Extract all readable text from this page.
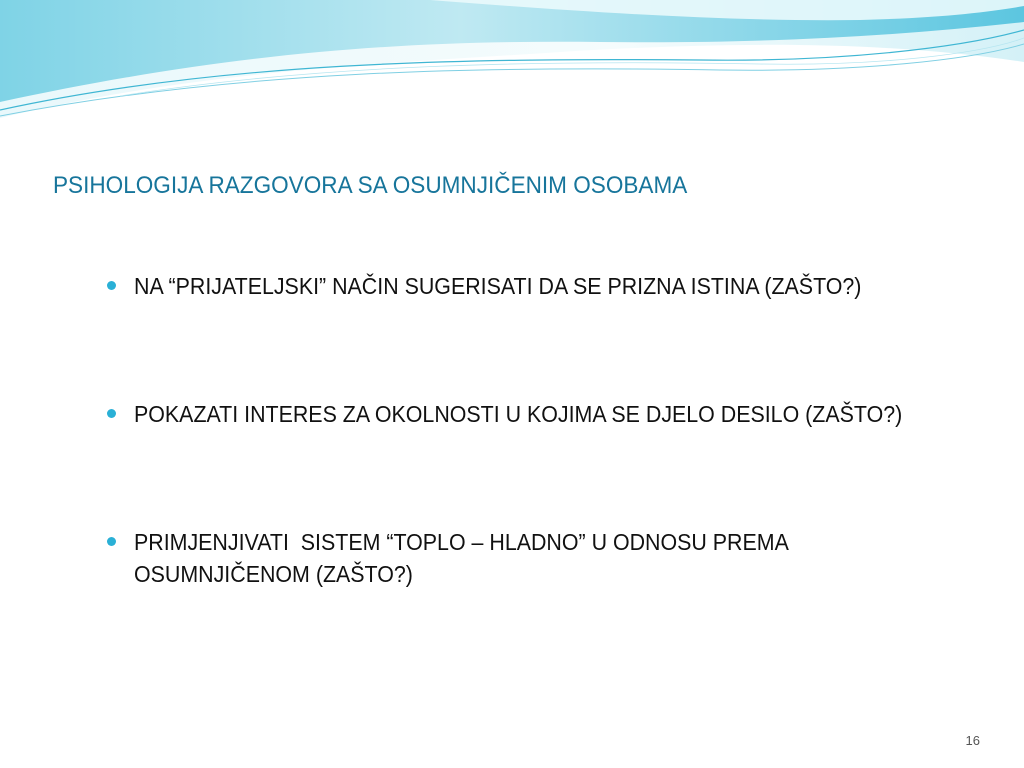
PSIHOLOGIJA RAZGOVORA SA OSUMNJIČENIM OSOBAMA
NA “PRIJATELJSKI” NAČIN SUGERISATI DA SE PRIZNA ISTINA (ZAŠTO?)
POKAZATI INTERES ZA OKOLNOSTI U KOJIMA SE DJELO DESILO (ZAŠTO?)
PRIMJENJIVATI  SISTEM “TOPLO – HLADNO” U ODNOSU PREMA OSUMNJIČENOM (ZAŠTO?)
16
